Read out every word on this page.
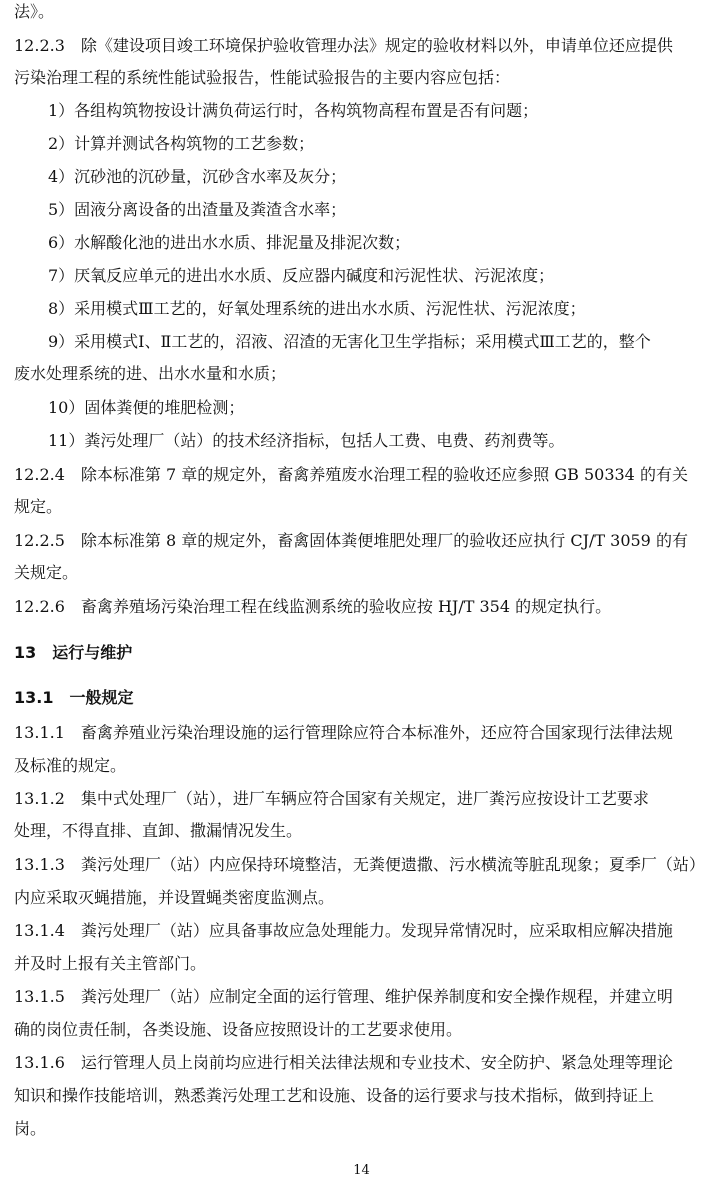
法》。
12.2.3　除《建设项目竣工环境保护验收管理办法》规定的验收材料以外，申请单位还应提供
污染治理工程的系统性能试验报告，性能试验报告的主要内容应包括：
1）各组构筑物按设计满负荷运行时，各构筑物高程布置是否有问题；
2）计算并测试各构筑物的工艺参数；
4）沉砂池的沉砂量，沉砂含水率及灰分；
5）固液分离设备的出渣量及粪渣含水率；
6）水解酸化池的进出水水质、排泥量及排泥次数；
7）厌氧反应单元的进出水水质、反应器内碱度和污泥性状、污泥浓度；
8）采用模式Ⅲ工艺的，好氧处理系统的进出水水质、污泥性状、污泥浓度；
9）采用模式Ⅰ、Ⅱ工艺的，沼液、沼渣的无害化卫生学指标；采用模式Ⅲ工艺的，整个
废水处理系统的进、出水水量和水质；
10）固体粪便的堆肥检测；
11）粪污处理厂（站）的技术经济指标，包括人工费、电费、药剂费等。
12.2.4　除本标准第 7 章的规定外，畜禽养殖废水治理工程的验收还应参照 GB 50334 的有关
规定。
12.2.5　除本标准第 8 章的规定外，畜禽固体粪便堆肥处理厂的验收还应执行 CJ/T 3059 的有
关规定。
12.2.6　畜禽养殖场污染治理工程在线监测系统的验收应按 HJ/T 354 的规定执行。
13　运行与维护
13.1　一般规定
13.1.1　畜禽养殖业污染治理设施的运行管理除应符合本标准外，还应符合国家现行法律法规
及标准的规定。
13.1.2　集中式处理厂（站），进厂车辆应符合国家有关规定，进厂粪污应按设计工艺要求
处理，不得直排、直卸、撒漏情况发生。
13.1.3　粪污处理厂（站）内应保持环境整洁，无粪便遗撒、污水横流等脏乱现象；夏季厂（站）
内应采取灭蝇措施，并设置蝇类密度监测点。
13.1.4　粪污处理厂（站）应具备事故应急处理能力。发现异常情况时，应采取相应解决措施
并及时上报有关主管部门。
13.1.5　粪污处理厂（站）应制定全面的运行管理、维护保养制度和安全操作规程，并建立明
确的岗位责任制，各类设施、设备应按照设计的工艺要求使用。
13.1.6　运行管理人员上岗前均应进行相关法律法规和专业技术、安全防护、紧急处理等理论
知识和操作技能培训，熟悉粪污处理工艺和设施、设备的运行要求与技术指标，做到持证上
岗。
14
